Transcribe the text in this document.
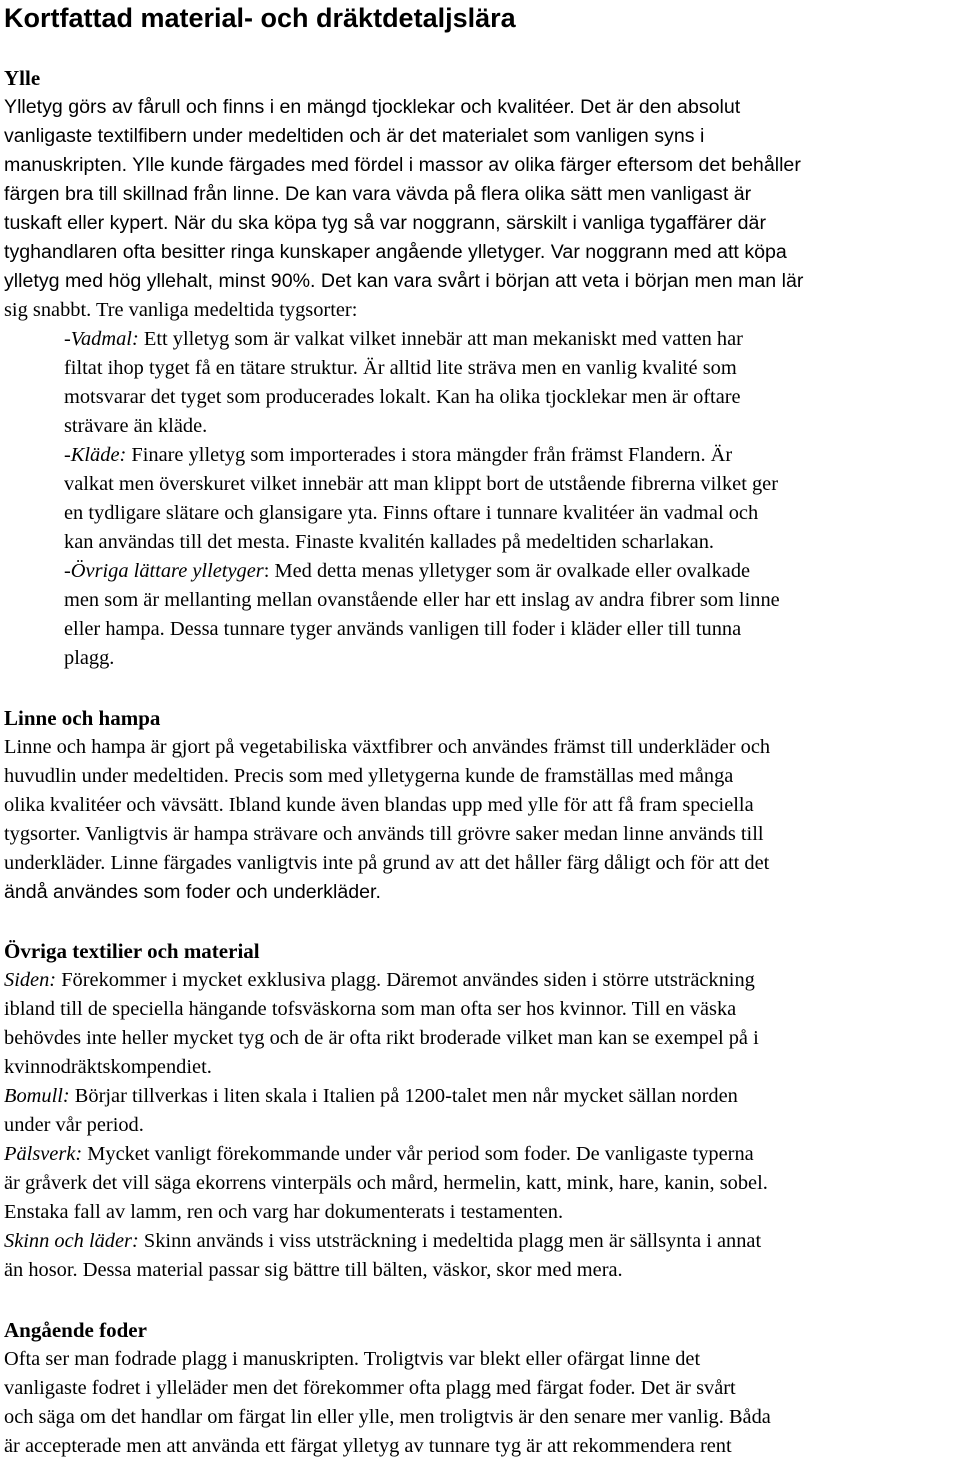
Kortfattad material- och dräktdetaljslära
Ylle

Ylletyg görs av fårull och finns i en mängd tjocklekar och kvalitéer. Det är den absolut

vanligaste textilfibern under medeltiden och är det materialet som vanligen syns i

manuskripten. Ylle kunde färgades med fördel i massor av olika färger eftersom det behåller

färgen bra till skillnad från linne. De kan vara vävda på flera olika sätt men vanligast är

tuskaft eller kypert. När du ska köpa tyg så var noggrann, särskilt i vanliga tygaffärer där

tyghandlaren ofta besitter ringa kunskaper angående ylletyger. Var noggrann med att köpa

ylletyg med hög yllehalt, minst 90%. Det kan vara svårt i början att veta i början men man lär

sig snabbt. Tre vanliga medeltida tygsorter:

-Vadmal: Ett ylletyg som är valkat vilket innebär att man mekaniskt med vatten har

filtat ihop tyget få en tätare struktur. Är alltid lite sträva men en vanlig kvalité som

motsvarar det tyget som producerades lokalt. Kan ha olika tjocklekar men är oftare

strävare än kläde.

-Kläde: Finare ylletyg som importerades i stora mängder från främst Flandern. Är

valkat men överskuret vilket innebär att man klippt bort de utstående fibrerna vilket ger

en tydligare slätare och glansigare yta. Finns oftare i tunnare kvalitéer än vadmal och

kan användas till det mesta. Finaste kvalitén kallades på medeltiden scharlakan.

-Övriga lättare ylletyger: Med detta menas ylletyger som är ovalkade eller ovalkade

men som är mellanting mellan ovanstående eller har ett inslag av andra fibrer som linne

eller hampa. Dessa tunnare tyger används vanligen till foder i kläder eller till tunna

plagg.

Linne och hampa

Linne och hampa är gjort på vegetabiliska växtfibrer och användes främst till underkläder och

huvudlin under medeltiden. Precis som med ylletygerna kunde de framställas med många

olika kvalitéer och vävsätt. Ibland kunde även blandas upp med ylle för att få fram speciella

tygsorter. Vanligtvis är hampa strävare och används till grövre saker medan linne används till

underkläder. Linne färgades vanligtvis inte på grund av att det håller färg dåligt och för att det

ändå användes som foder och underkläder.

Övriga textilier och material

Siden: Förekommer i mycket exklusiva plagg. Däremot användes siden i större utsträckning

ibland till de speciella hängande tofsväskorna som man ofta ser hos kvinnor. Till en väska

behövdes inte heller mycket tyg och de är ofta rikt broderade vilket man kan se exempel på i

kvinnodräktskompendiet.

Bomull: Börjar tillverkas i liten skala i Italien på 1200-talet men når mycket sällan norden

under vår period.

Pälsverk: Mycket vanligt förekommande under vår period som foder. De vanligaste typerna

är gråverk det vill säga ekorrens vinterpäls och mård, hermelin, katt, mink, hare, kanin, sobel.

Enstaka fall av lamm, ren och varg har dokumenterats i testamenten.

Skinn och läder: Skinn används i viss utsträckning i medeltida plagg men är sällsynta i annat

än hosor. Dessa material passar sig bättre till bälten, väskor, skor med mera.

Angående foder

Ofta ser man fodrade plagg i manuskripten. Troligtvis var blekt eller ofärgat linne det

vanligaste fodret i ylleläder men det förekommer ofta plagg med färgat foder. Det är svårt

och säga om det handlar om färgat lin eller ylle, men troligtvis är den senare mer vanlig. Båda

är accepterade men att använda ett färgat ylletyg av tunnare tyg är att rekommendera rent
